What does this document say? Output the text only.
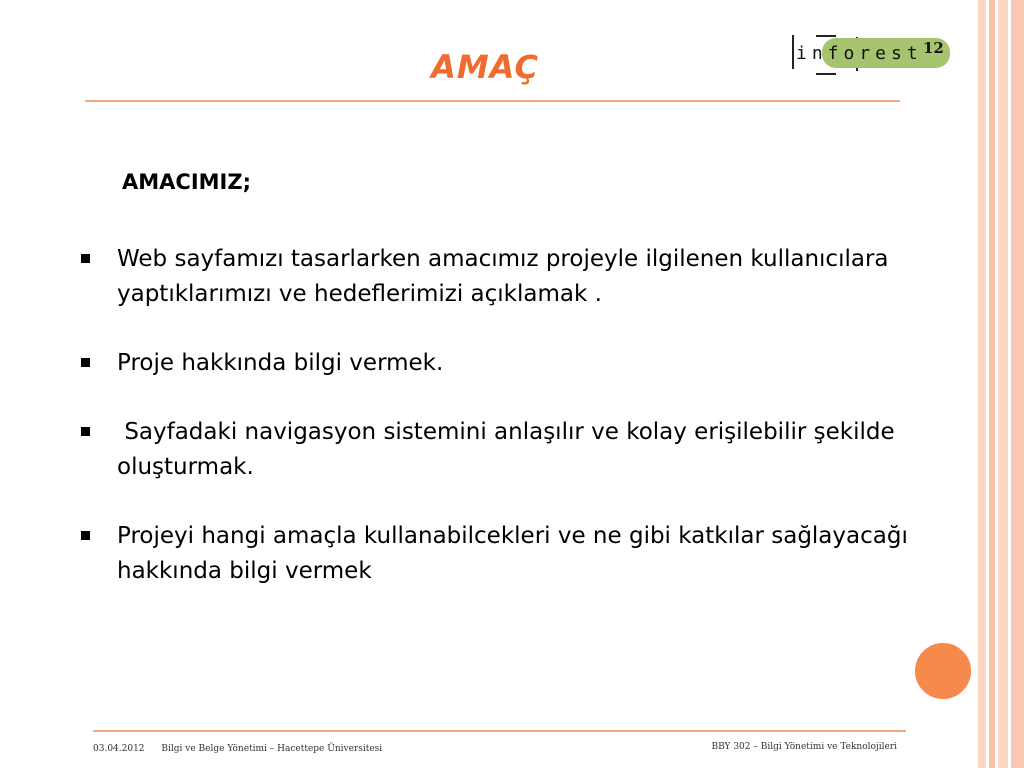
AMAÇ	inforest 12
AMACIMIZ;
Web sayfamızı tasarlarken amacımız projeyle ilgilenen kullanıcılara yaptıklarımızı ve hedeflerimizi açıklamak .
Proje hakkında bilgi vermek.
Sayfadaki navigasyon sistemini anlaşılır ve kolay erişilebilir şekilde oluşturmak.
Projeyi hangi amaçla kullanabilcekleri ve ne gibi katkılar sağlayacağı hakkında bilgi vermek
03.04.2012 Bilgi ve Belge Yönetimi – Hacettepe Üniversitesi	BBY 302 – Bilgi Yönetimi ve Teknolojileri
